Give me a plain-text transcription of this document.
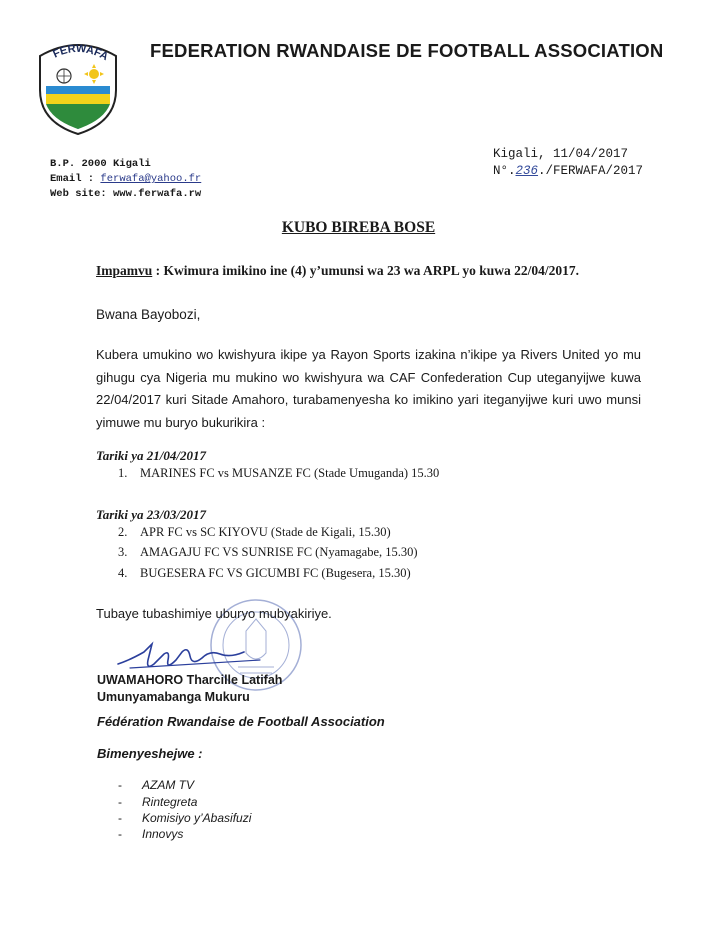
FERWAFA FEDERATION RWANDAISE DE FOOTBALL ASSOCIATION
B.P. 2000 Kigali
Email : ferwafa@yahoo.fr
Web site: www.ferwafa.rw
Kigali, 11/04/2017
N°.236./FERWAFA/2017
KUBO BIREBA BOSE
Impamvu : Kwimura imikino ine (4) y’umunsi wa 23 wa ARPL yo kuwa 22/04/2017.
Bwana Bayobozi,
Kubera umukino wo kwishyura ikipe ya Rayon Sports izakina n’ikipe ya Rivers United yo mu gihugu cya Nigeria mu mukino wo kwishyura wa CAF Confederation Cup uteganyijwe kuwa 22/04/2017 kuri Sitade Amahoro, turabamenyesha ko imikino yari iteganyijwe kuri uwo munsi yimuwe mu buryo bukurikira :
Tariki ya 21/04/2017
1. MARINES FC vs MUSANZE FC (Stade Umuganda) 15.30
Tariki ya 23/03/2017
2. APR FC vs SC KIYOVU (Stade de Kigali, 15.30)
3. AMAGAJU FC VS SUNRISE FC (Nyamagabe, 15.30)
4. BUGESERA FC VS GICUMBI FC (Bugesera, 15.30)
Tubaye tubashimiye uburyo mubyakiriye.
UWAMAHORO Tharcille Latifah
Umunyamabanga Mukuru
Fédération Rwandaise de Football Association
Bimenyeshejwe :
- AZAM TV
- Rintegreta
- Komisiyo y’Abasifuzi
- Innovys
